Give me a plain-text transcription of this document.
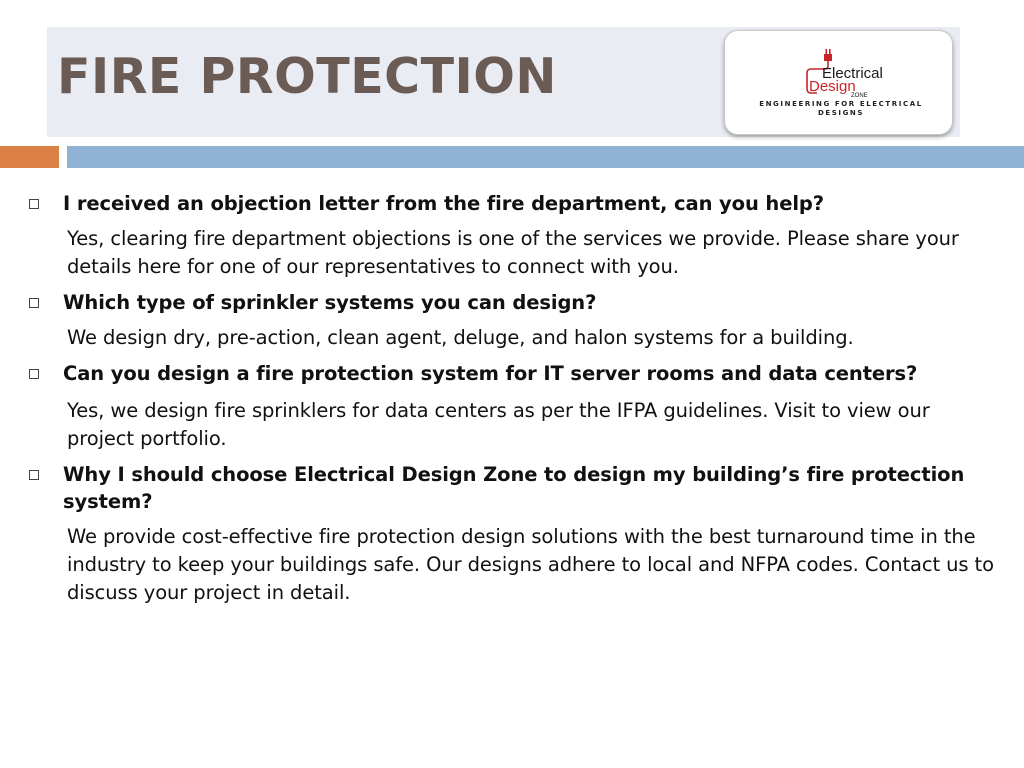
FIRE PROTECTION	Electrical
Design
ZONE
ENGINEERING FOR ELECTRICAL
DESIGNS
I received an objection letter from the fire department, can you help?

Yes, clearing fire department objections is one of the services we provide. Please share your details here for one of our representatives to connect with you.

Which type of sprinkler systems you can design?

We design dry, pre-action, clean agent, deluge, and halon systems for a building.

Can you design a fire protection system for IT server rooms and data centers?

Yes, we design fire sprinklers for data centers as per the IFPA guidelines. Visit to view our project portfolio.

Why I should choose Electrical Design Zone to design my building’s fire protection system?

We provide cost-effective fire protection design solutions with the best turnaround time in the industry to keep your buildings safe. Our designs adhere to local and NFPA codes. Contact us to discuss your project in detail.
